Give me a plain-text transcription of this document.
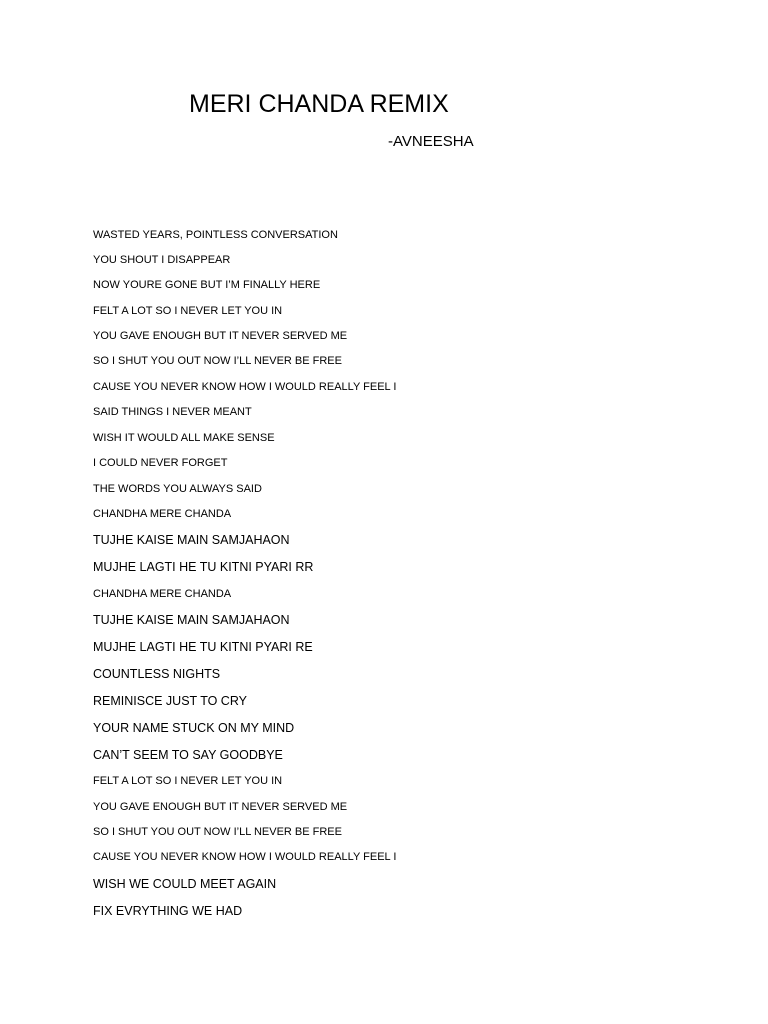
MERI CHANDA REMIX
-AVNEESHA
WASTED YEARS, POINTLESS CONVERSATION
YOU SHOUT I DISAPPEAR
NOW YOURE GONE BUT I’M FINALLY HERE
FELT A LOT SO I NEVER LET YOU IN
YOU GAVE ENOUGH BUT IT NEVER SERVED ME
SO I SHUT YOU OUT NOW I’LL NEVER BE FREE
CAUSE YOU NEVER KNOW HOW I WOULD REALLY FEEL I
SAID THINGS I NEVER MEANT
WISH IT WOULD ALL MAKE SENSE
I COULD NEVER FORGET
THE WORDS YOU ALWAYS SAID
CHANDHA MERE CHANDA
TUJHE KAISE MAIN SAMJAHAON
MUJHE LAGTI HE TU KITNI PYARI RR
CHANDHA MERE CHANDA
TUJHE KAISE MAIN SAMJAHAON
MUJHE LAGTI HE TU KITNI PYARI RE
COUNTLESS NIGHTS
REMINISCE JUST TO CRY
YOUR NAME STUCK ON MY MIND
CAN’T SEEM TO SAY GOODBYE
FELT A LOT SO I NEVER LET YOU IN
YOU GAVE ENOUGH BUT IT NEVER SERVED ME
SO I SHUT YOU OUT NOW I’LL NEVER BE FREE
CAUSE YOU NEVER KNOW HOW I WOULD REALLY FEEL I
WISH WE COULD MEET AGAIN
FIX EVRYTHING WE HAD
